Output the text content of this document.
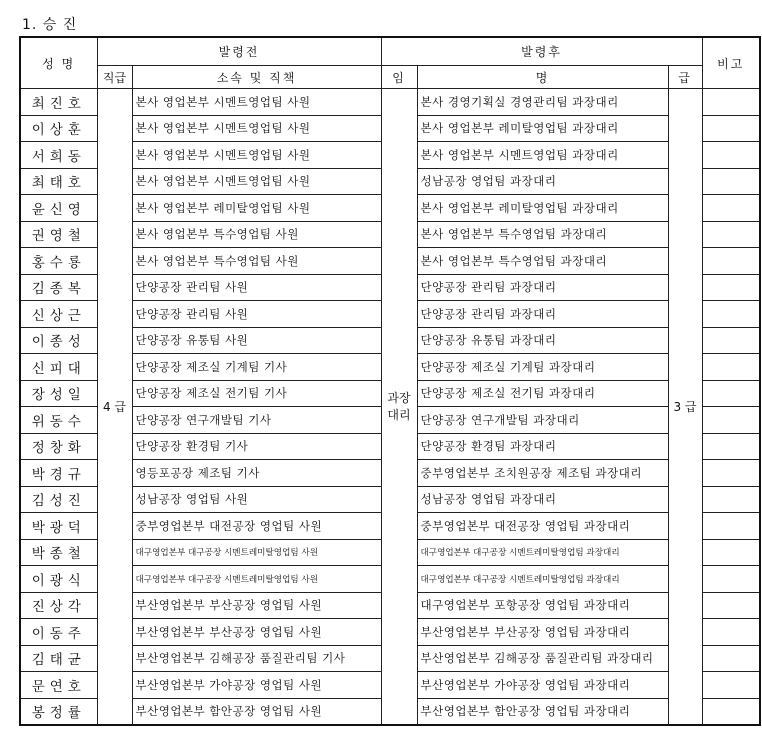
1. 승 진
성 명	발령전		발령후			비고
	직급	소속 및 직책	임	명	급	
최진호	4 급	본사 영업본부 시멘트영업팀 사원	과장대리	본사 경영기획실 경영관리팀 과장대리	3 급	
이상훈		본사 영업본부 시멘트영업팀 사원		본사 영업본부 레미탈영업팀 과장대리		
서희동		본사 영업본부 시멘트영업팀 사원		본사 영업본부 시멘트영업팀 과장대리		
최태호		본사 영업본부 시멘트영업팀 사원		성남공장 영업팀 과장대리		
윤신영		본사 영업본부 레미탈영업팀 사원		본사 영업본부 레미탈영업팀 과장대리		
권영철		본사 영업본부 특수영업팀 사원		본사 영업본부 특수영업팀 과장대리		
홍수룡		본사 영업본부 특수영업팀 사원		본사 영업본부 특수영업팀 과장대리		
김종복		단양공장 관리팀 사원		단양공장 관리팀 과장대리		
신상근		단양공장 관리팀 사원		단양공장 관리팀 과장대리		
이종성		단양공장 유통팀 사원		단양공장 유통팀 과장대리		
신피대		단양공장 제조실 기계팀 기사		단양공장 제조실 기계팀 과장대리		
장성일		단양공장 제조실 전기팀 기사		단양공장 제조실 전기팀 과장대리		
위동수		단양공장 연구개발팀 기사		단양공장 연구개발팀 과장대리		
정창화		단양공장 환경팀 기사		단양공장 환경팀 과장대리		
박경규		영등포공장 제조팀 기사		중부영업본부 조치원공장 제조팀 과장대리		
김성진		성남공장 영업팀 사원		성남공장 영업팀 과장대리		
박광덕		중부영업본부 대전공장 영업팀 사원		중부영업본부 대전공장 영업팀 과장대리		
박종철		대구영업본부 대구공장 시멘트레미탈영업팀 사원		대구영업본부 대구공장 시멘트레미탈영업팀 과장대리		
이광식		대구영업본부 대구공장 시멘트레미탈영업팀 사원		대구영업본부 대구공장 시멘트레미탈영업팀 과장대리		
진상각		부산영업본부 부산공장 영업팀 사원		대구영업본부 포항공장 영업팀 과장대리		
이동주		부산영업본부 부산공장 영업팀 사원		부산영업본부 부산공장 영업팀 과장대리		
김태균		부산영업본부 김해공장 품질관리팀 기사		부산영업본부 김해공장 품질관리팀 과장대리		
문연호		부산영업본부 가야공장 영업팀 사원		부산영업본부 가야공장 영업팀 과장대리		
봉정률		부산영업본부 함안공장 영업팀 사원		부산영업본부 함안공장 영업팀 과장대리		
